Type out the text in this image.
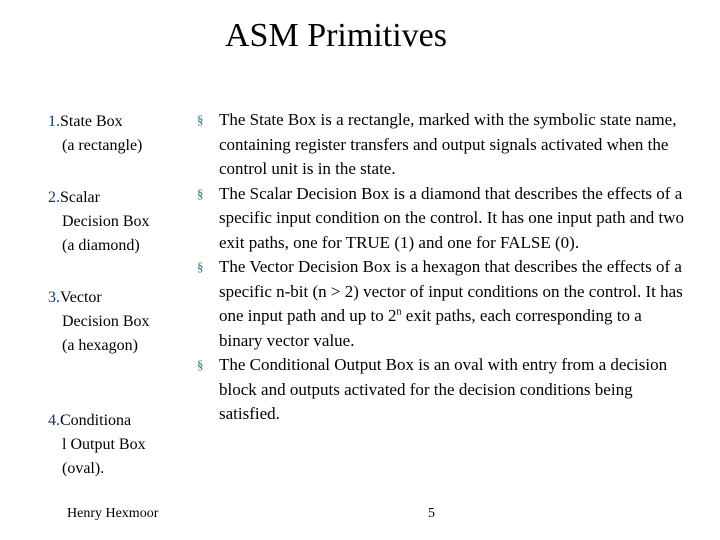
ASM Primitives
1.State Box
(a rectangle)
2.Scalar
Decision Box
(a diamond)
3.Vector
Decision Box
(a hexagon)
4.Conditiona
l Output Box
(oval).
§ The State Box is a rectangle, marked with the symbolic state name, containing register transfers and output signals activated when the control unit is in the state.
§ The Scalar Decision Box is a diamond that describes the effects of a specific input condition on the control. It has one input path and two exit paths, one for TRUE (1) and one for FALSE (0).
§ The Vector Decision Box is a hexagon that describes the effects of a specific n-bit (n > 2) vector of input conditions on the control. It has one input path and up to 2$^n$ exit paths, each corresponding to a binary vector value.
§ The Conditional Output Box is an oval with entry from a decision block and outputs activated for the decision conditions being satisfied.
Henry Hexmoor	5
